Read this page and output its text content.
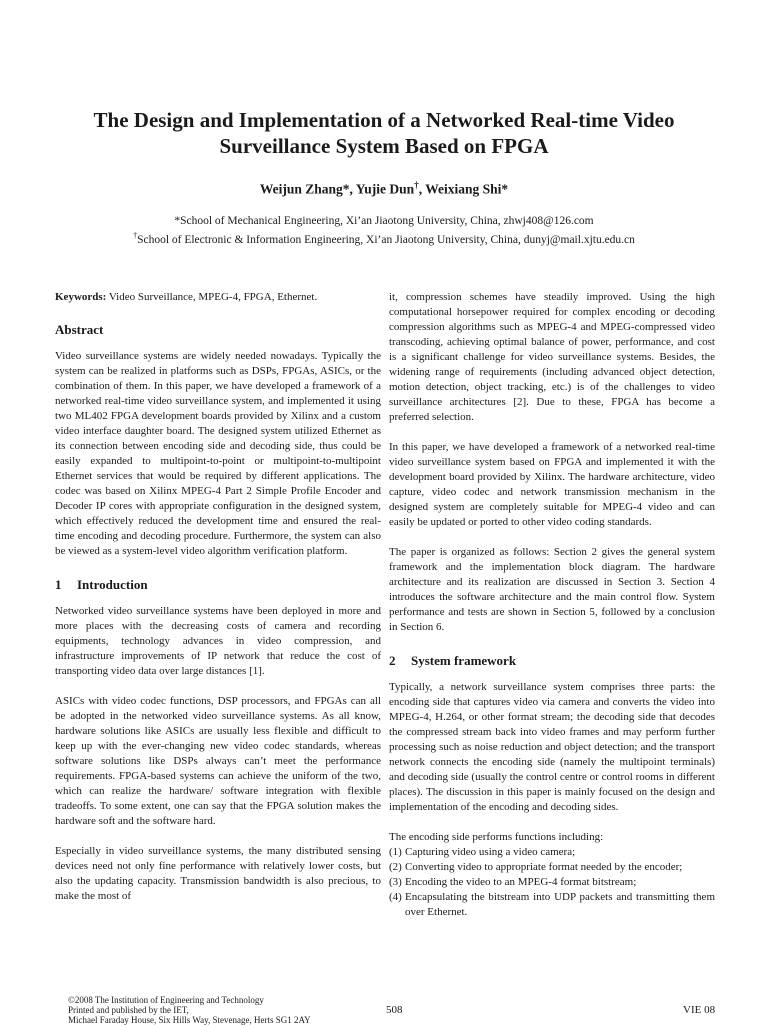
The Design and Implementation of a Networked Real-time Video Surveillance System Based on FPGA

Weijun Zhang*, Yujie Dun†, Weixiang Shi*

*School of Mechanical Engineering, Xi’an Jiaotong University, China, zhwj408@126.com

†School of Electronic & Information Engineering, Xi’an Jiaotong University, China, dunyj@mail.xjtu.edu.cn

Keywords: Video Surveillance, MPEG-4, FPGA, Ethernet.

Abstract

Video surveillance systems are widely needed nowadays. Typically the system can be realized in platforms such as DSPs, FPGAs, ASICs, or the combination of them. In this paper, we have developed a framework of a networked real-time video surveillance system, and implemented it using two ML402 FPGA development boards provided by Xilinx and a custom video interface daughter board. The designed system utilized Ethernet as its connection between encoding side and decoding side, thus could be easily expanded to multipoint-to-point or multipoint-to-multipoint Ethernet services that would be required by different applications. The codec was based on Xilinx MPEG-4 Part 2 Simple Profile Encoder and Decoder IP cores with appropriate configuration in the designed system, which effectively reduced the development time and ensured the real-time encoding and decoding procedure. Furthermore, the system can also be viewed as a system-level video algorithm verification platform.

1 Introduction

Networked video surveillance systems have been deployed in more and more places with the decreasing costs of camera and recording equipments, technology advances in video compression, and infrastructure improvements of IP network that reduce the cost of transporting video data over large distances [1].

ASICs with video codec functions, DSP processors, and FPGAs can all be adopted in the networked video surveillance systems. As all know, hardware solutions like ASICs are usually less flexible and difficult to keep up with the ever-changing new video codec standards, whereas software solutions like DSPs always can’t meet the performance requirements. FPGA-based systems can achieve the uniform of the two, which can realize the hardware/ software integration with flexible tradeoffs. To some extent, one can say that the FPGA solution makes the hardware soft and the software hard.

Especially in video surveillance systems, the many distributed sensing devices need not only fine performance with relatively lower costs, but also the updating capacity. Transmission bandwidth is also precious, to make the most of

it, compression schemes have steadily improved. Using the high computational horsepower required for complex encoding or decoding compression algorithms such as MPEG-4 and MPEG-compressed video transcoding, achieving optimal balance of power, performance, and cost is a significant challenge for video surveillance systems. Besides, the widening range of requirements (including advanced object detection, motion detection, object tracking, etc.) is of the challenges to video surveillance architectures [2]. Due to these, FPGA has become a preferred selection.

In this paper, we have developed a framework of a networked real-time video surveillance system based on FPGA and implemented it with the development board provided by Xilinx. The hardware architecture, video capture, video codec and network transmission mechanism in the designed system are completely suitable for MPEG-4 video and can easily be updated or ported to other video coding standards.

The paper is organized as follows: Section 2 gives the general system framework and the implementation block diagram. The hardware architecture and its realization are discussed in Section 3. Section 4 introduces the software architecture and the main control flow. System performance and tests are shown in Section 5, followed by a conclusion in Section 6.

2 System framework

Typically, a network surveillance system comprises three parts: the encoding side that captures video via camera and converts the video into MPEG-4, H.264, or other format stream; the decoding side that decodes the compressed stream back into video frames and may perform further processing such as noise reduction and object detection; and the transport network connects the encoding side (namely the multipoint terminals) and decoding side (usually the control centre or control rooms in different places). The discussion in this paper is mainly focused on the design and implementation of the encoding and decoding sides.

The encoding side performs functions including:

(1) Capturing video using a video camera;
(2) Converting video to appropriate format needed by the encoder;
(3) Encoding the video to an MPEG-4 format bitstream;
(4) Encapsulating the bitstream into UDP packets and transmitting them over Ethernet.
©2008 The Institution of Engineering and Technology
Printed and published by the IET,
Michael Faraday House, Six Hills Way, Stevenage, Herts SG1 2AY
508	VIE 08
